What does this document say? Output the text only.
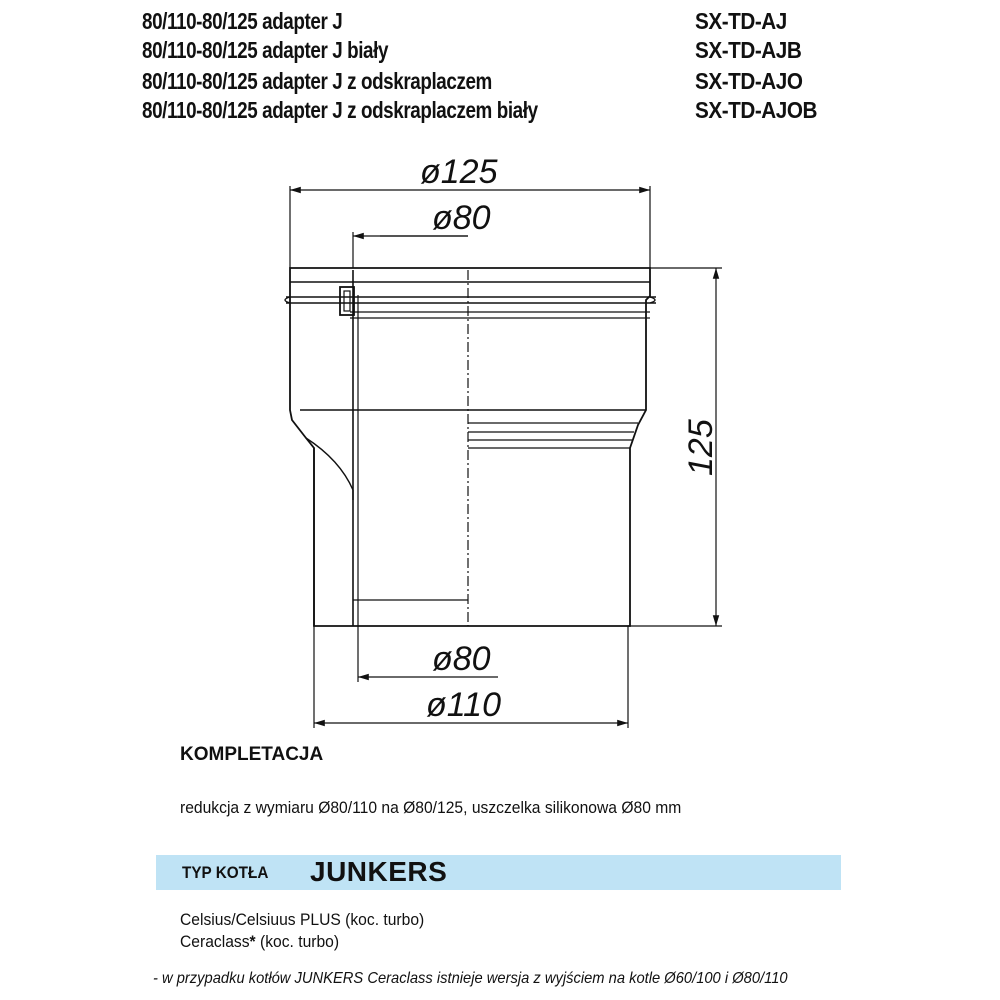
80/110-80/125 adapter J	SX-TD-AJ
80/110-80/125 adapter J biały	SX-TD-AJB
80/110-80/125 adapter J z odskraplaczem	SX-TD-AJO
80/110-80/125 adapter J z odskraplaczem biały	SX-TD-AJOB
ø125
ø80
125
ø80
ø110
KOMPLETACJA
redukcja z wymiaru Ø80/110 na Ø80/125, uszczelka silikonowa Ø80 mm
TYP KOTŁA JUNKERS
Celsius/Celsiuus PLUS (koc. turbo)
Ceraclass* (koc. turbo)
- w przypadku kotłów JUNKERS Ceraclass istnieje wersja z wyjściem na kotle Ø60/100 i Ø80/110
